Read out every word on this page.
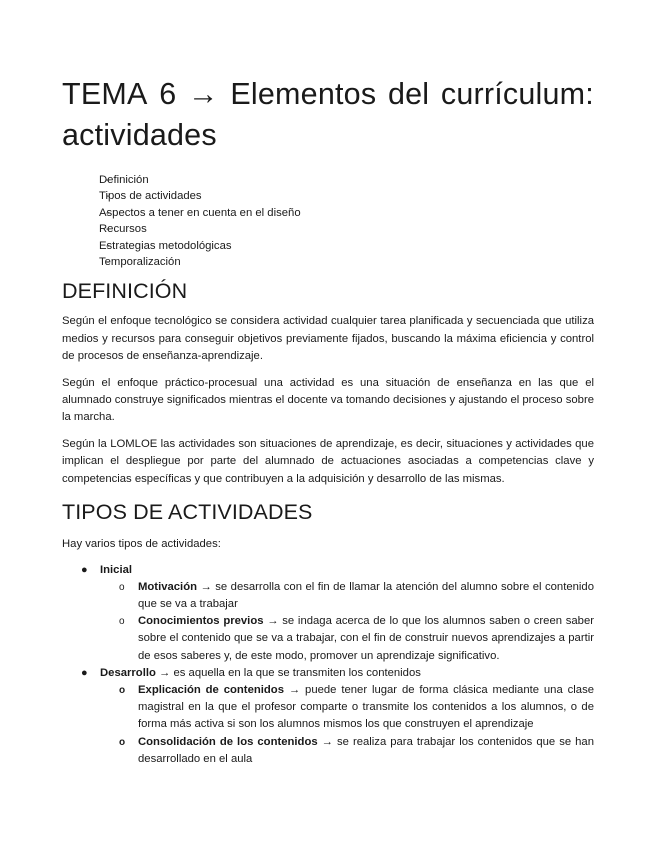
TEMA 6 → Elementos del currículum:
actividades
- Definición
- Tipos de actividades
- Aspectos a tener en cuenta en el diseño
- Recursos
- Estrategias metodológicas
- Temporalización
DEFINICIÓN

Según el enfoque tecnológico se considera actividad cualquier tarea planificada y secuenciada que utiliza medios y recursos para conseguir objetivos previamente fijados, buscando la máxima eficiencia y control de procesos de enseñanza-aprendizaje.

Según el enfoque práctico-procesual una actividad es una situación de enseñanza en las que el alumnado construye significados mientras el docente va tomando decisiones y ajustando el proceso sobre la marcha.

Según la LOMLOE las actividades son situaciones de aprendizaje, es decir, situaciones y actividades que implican el despliegue por parte del alumnado de actuaciones asociadas a competencias clave y competencias específicas y que contribuyen a la adquisición y desarrollo de las mismas.

TIPOS DE ACTIVIDADES

Hay varios tipos de actividades:

● Inicial
o Motivación → se desarrolla con el fin de llamar la atención del alumno sobre el contenido que se va a trabajar
o Conocimientos previos → se indaga acerca de lo que los alumnos saben o creen saber sobre el contenido que se va a trabajar, con el fin de construir nuevos aprendizajes a partir de esos saberes y, de este modo, promover un aprendizaje significativo.
● Desarrollo → es aquella en la que se transmiten los contenidos
o Explicación de contenidos → puede tener lugar de forma clásica mediante una clase magistral en la que el profesor comparte o transmite los contenidos a los alumnos, o de forma más activa si son los alumnos mismos los que construyen el aprendizaje
o Consolidación de los contenidos → se realiza para trabajar los contenidos que se han desarrollado en el aula
